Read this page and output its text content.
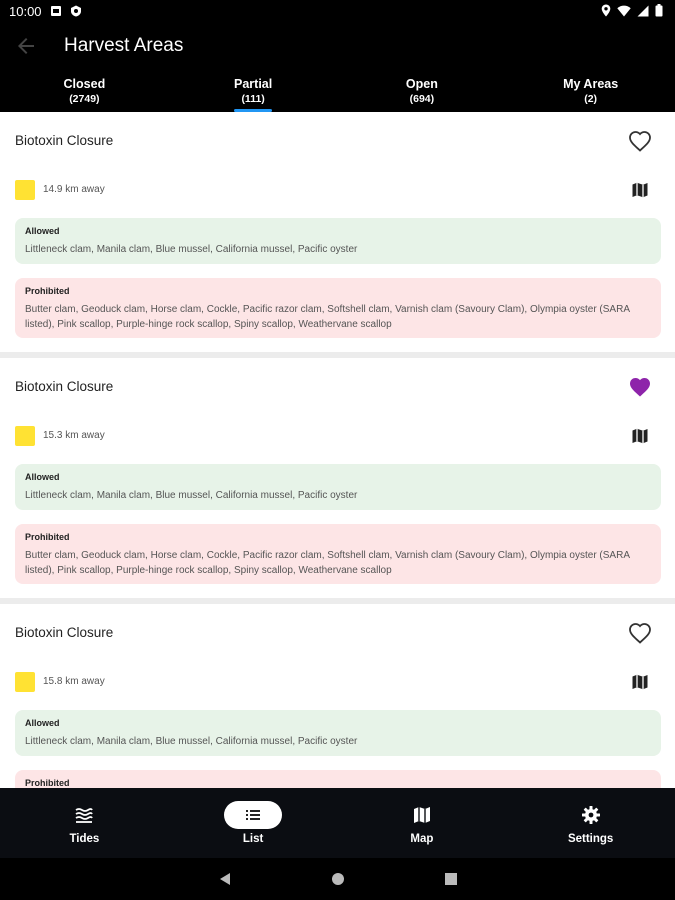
10:00
Harvest Areas
Closed
(2749)
Partial
(111)
Open
(694)
My Areas
(2)
Biotoxin Closure
14.9 km away
Allowed
Littleneck clam, Manila clam, Blue mussel, California mussel, Pacific oyster
Prohibited
Butter clam, Geoduck clam, Horse clam, Cockle, Pacific razor clam, Softshell clam, Varnish clam (Savoury Clam), Olympia oyster (SARA listed), Pink scallop, Purple-hinge rock scallop, Spiny scallop, Weathervane scallop
Biotoxin Closure
15.3 km away
Allowed
Littleneck clam, Manila clam, Blue mussel, California mussel, Pacific oyster
Prohibited
Butter clam, Geoduck clam, Horse clam, Cockle, Pacific razor clam, Softshell clam, Varnish clam (Savoury Clam), Olympia oyster (SARA listed), Pink scallop, Purple-hinge rock scallop, Spiny scallop, Weathervane scallop
Biotoxin Closure
15.8 km away
Allowed
Littleneck clam, Manila clam, Blue mussel, California mussel, Pacific oyster
Prohibited
Tides	List	Map	Settings
